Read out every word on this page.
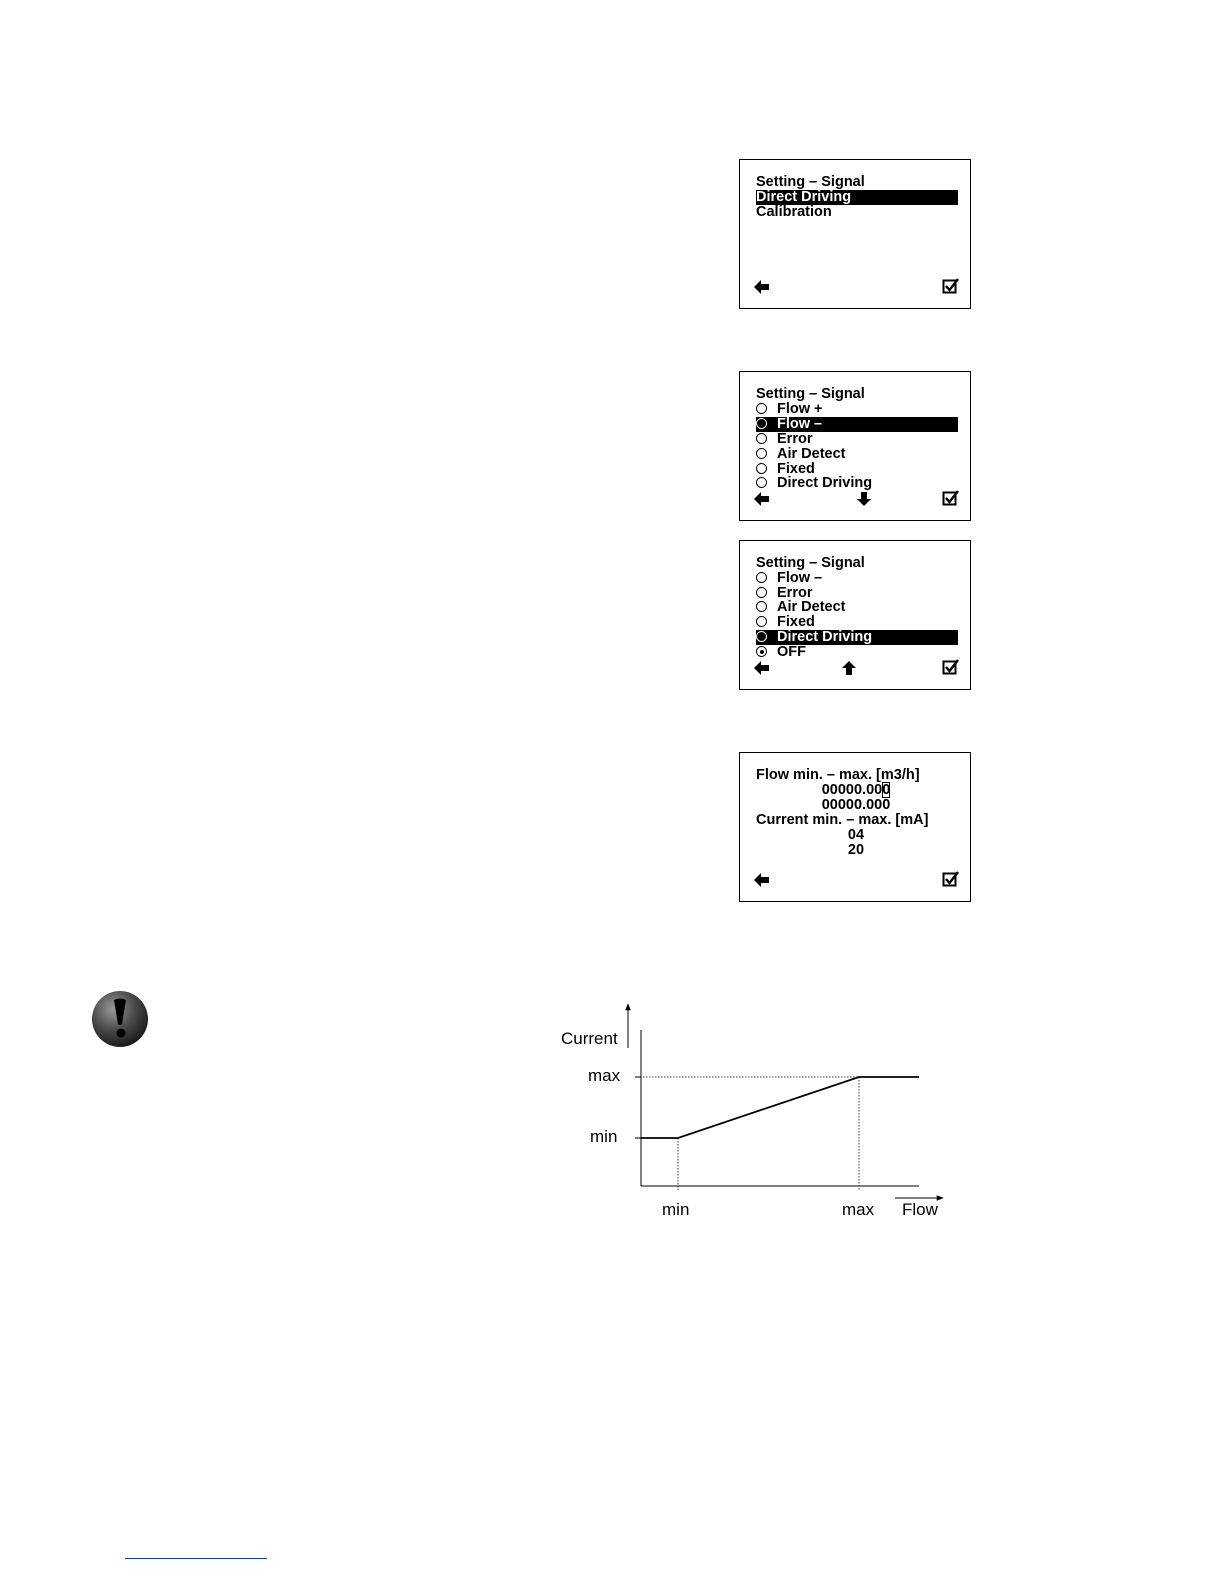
Setting – Signal
Direct Driving
Calibration
Setting – Signal
Flow +
Flow –
Error
Air Detect
Fixed
Direct Driving
Setting – Signal
Flow –
Error
Air Detect
Fixed
Direct Driving
OFF
Flow min. – max. [m3/h]
00000.000
00000.000
Current min. – max. [mA]
04
20
Current
max
min
min	max Flow
